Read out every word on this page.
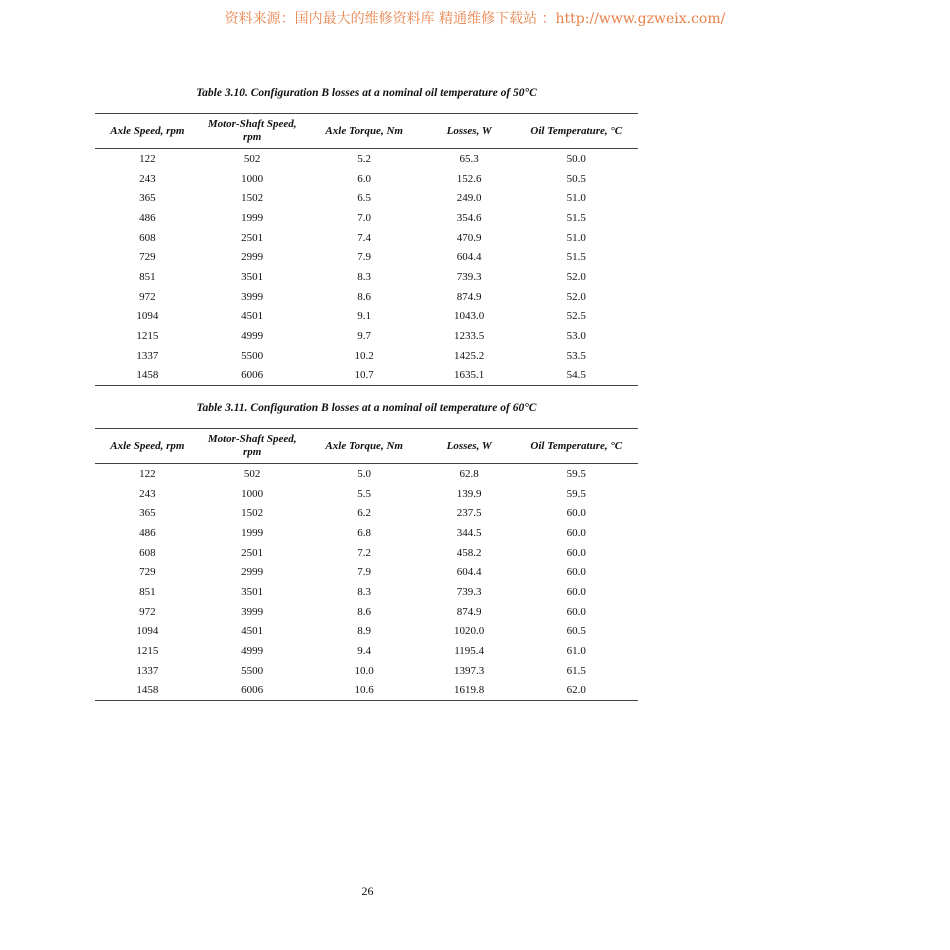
资料来源：国内最大的维修资料库 精通维修下载站 ：http://www.gzweix.com/
Table 3.10. Configuration B losses at a nominal oil temperature of 50°C
Axle Speed, rpm	Motor-Shaft Speed, rpm	Axle Torque, Nm	Losses, W	Oil Temperature, °C
122	502	5.2	65.3	50.0
243	1000	6.0	152.6	50.5
365	1502	6.5	249.0	51.0
486	1999	7.0	354.6	51.5
608	2501	7.4	470.9	51.0
729	2999	7.9	604.4	51.5
851	3501	8.3	739.3	52.0
972	3999	8.6	874.9	52.0
1094	4501	9.1	1043.0	52.5
1215	4999	9.7	1233.5	53.0
1337	5500	10.2	1425.2	53.5
1458	6006	10.7	1635.1	54.5
Table 3.11. Configuration B losses at a nominal oil temperature of 60°C
Axle Speed, rpm	Motor-Shaft Speed, rpm	Axle Torque, Nm	Losses, W	Oil Temperature, °C
122	502	5.0	62.8	59.5
243	1000	5.5	139.9	59.5
365	1502	6.2	237.5	60.0
486	1999	6.8	344.5	60.0
608	2501	7.2	458.2	60.0
729	2999	7.9	604.4	60.0
851	3501	8.3	739.3	60.0
972	3999	8.6	874.9	60.0
1094	4501	8.9	1020.0	60.5
1215	4999	9.4	1195.4	61.0
1337	5500	10.0	1397.3	61.5
1458	6006	10.6	1619.8	62.0
26
